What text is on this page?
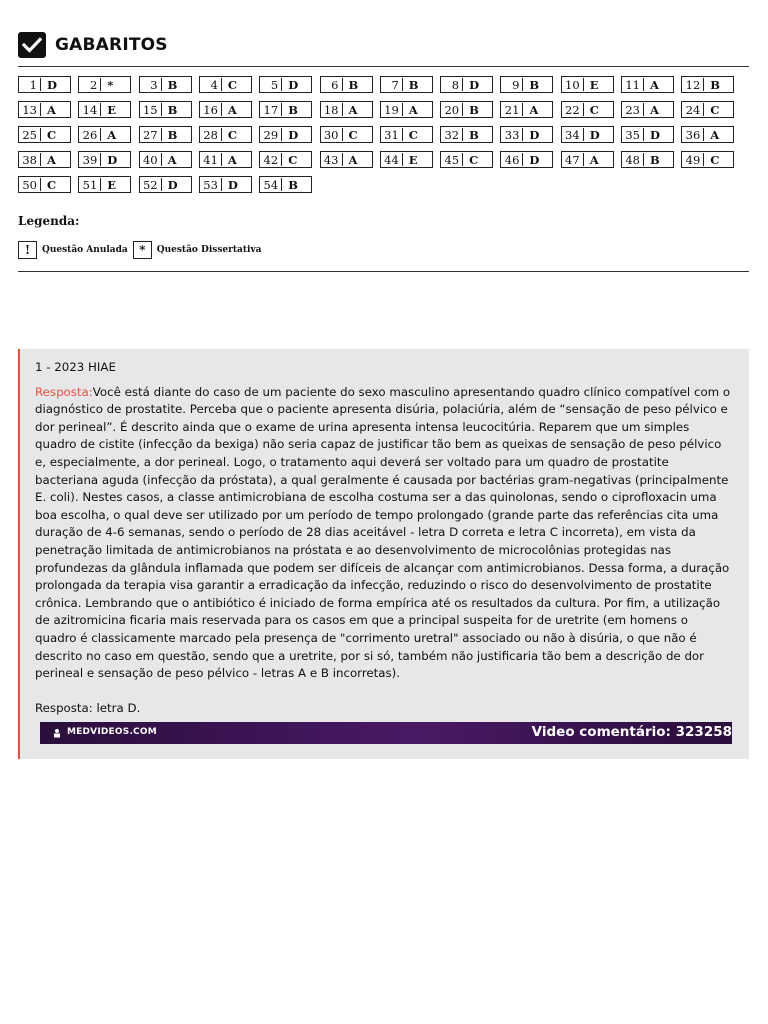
GABARITOS
1 D	2 *	3 B	4 C	5 D	6 B	7 B	8 D	9 B 10 E 11 A 12 B
13 A 14 E 15 B 16 A 17 B 18 A 19 A 20 B 21 A 22 C 23 A 24 C
25 C 26 A 27 B 28 C 29 D 30 C 31 C 32 B 33 D 34 D 35 D 36 A
38 A 39 D 40 A 41 A 42 C 43 A 44 E 45 C 46 D 47 A 48 B 49 C
50 C 51 E 52 D 53 D 54 B
Legenda:
!	Questão Anulada *	Questão Dissertativa
1 - 2023 HIAE

Resposta:Você está diante do caso de um paciente do sexo masculino apresentando quadro clínico compatível com o diagnóstico de prostatite. Perceba que o paciente apresenta disúria, polaciúria, além de “sensação de peso pélvico e dor perineal”. É descrito ainda que o exame de urina apresenta intensa leucocitúria. Reparem que um simples quadro de cistite (infecção da bexiga) não seria capaz de justificar tão bem as queixas de sensação de peso pélvico e, especialmente, a dor perineal. Logo, o tratamento aqui deverá ser voltado para um quadro de prostatite bacteriana aguda (infecção da próstata), a qual geralmente é causada por bactérias gram-negativas (principalmente E. coli). Nestes casos, a classe antimicrobiana de escolha costuma ser a das quinolonas, sendo o ciprofloxacin uma boa escolha, o qual deve ser utilizado por um período de tempo prolongado (grande parte das referências cita uma duração de 4-6 semanas, sendo o período de 28 dias aceitável - letra D correta e letra C incorreta), em vista da penetração limitada de antimicrobianos na próstata e ao desenvolvimento de microcolônias protegidas nas profundezas da glândula inflamada que podem ser difíceis de alcançar com antimicrobianos. Dessa forma, a duração prolongada da terapia visa garantir a erradicação da infecção, reduzindo o risco do desenvolvimento de prostatite crônica. Lembrando que o antibiótico é iniciado de forma empírica até os resultados da cultura. Por fim, a utilização de azitromicina ficaria mais reservada para os casos em que a principal suspeita for de uretrite (em homens o quadro é classicamente marcado pela presença de "corrimento uretral" associado ou não à disúria, o que não é descrito no caso em questão, sendo que a uretrite, por si só, também não justificaria tão bem a descrição de dor perineal e sensação de peso pélvico - letras A e B incorretas).

Resposta: letra D.

MEDVIDEOS.COM	Video comentário: 323258
